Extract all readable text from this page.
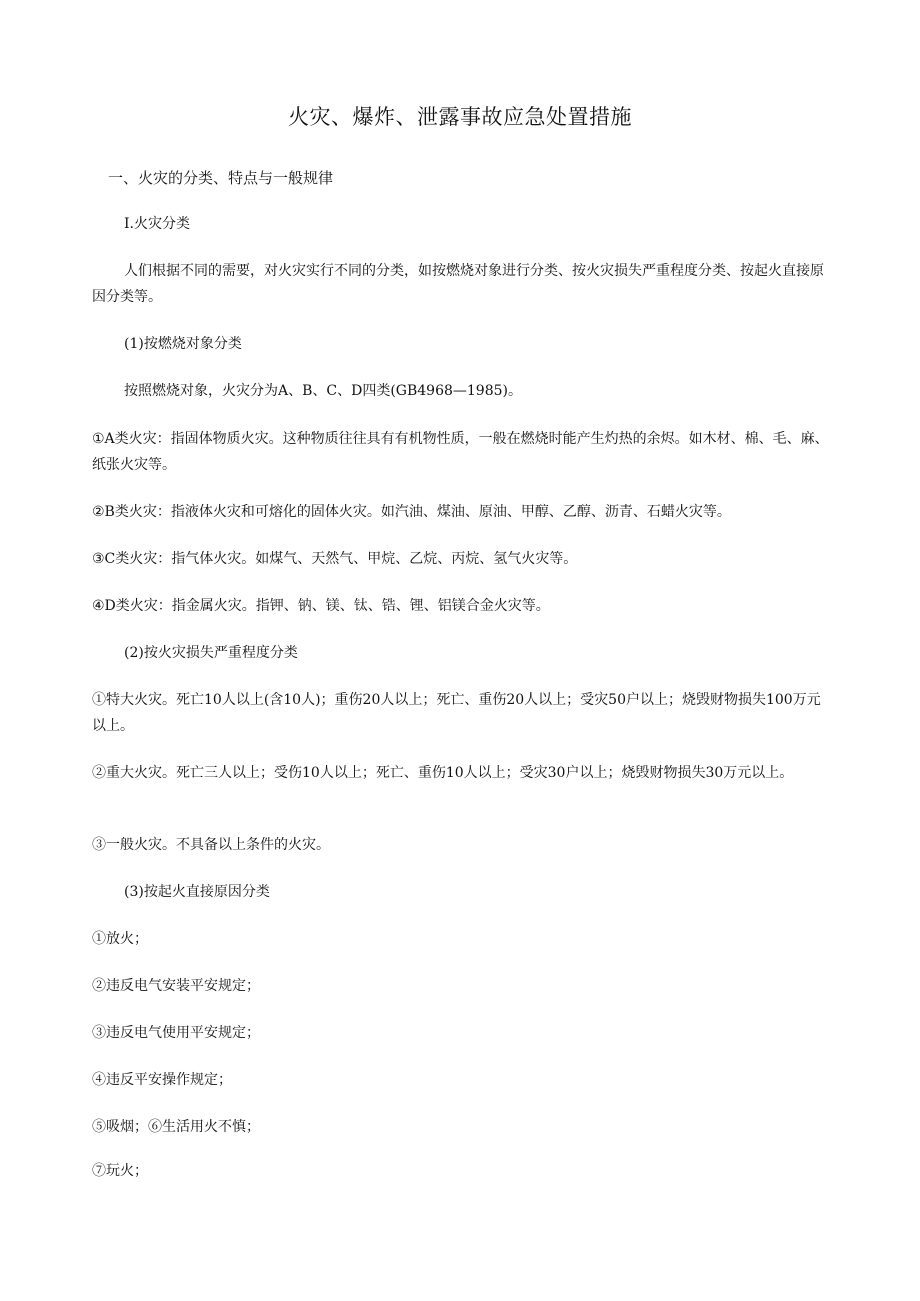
火灾、爆炸、泄露事故应急处置措施
一、火灾的分类、特点与一般规律

I.火灾分类

人们根据不同的需要，对火灾实行不同的分类，如按燃烧对象进行分类、按火灾损失严重程度分类、按起火直接原因分类等。

(1)按燃烧对象分类

按照燃烧对象，火灾分为A、B、C、D四类(GB4968—1985)。

①A类火灾：指固体物质火灾。这种物质往往具有有机物性质，一般在燃烧时能产生灼热的余烬。如木材、棉、毛、麻、纸张火灾等。

②B类火灾：指液体火灾和可熔化的固体火灾。如汽油、煤油、原油、甲醇、乙醇、沥青、石蜡火灾等。

③C类火灾：指气体火灾。如煤气、天然气、甲烷、乙烷、丙烷、氢气火灾等。

④D类火灾：指金属火灾。指钾、钠、镁、钛、锆、锂、铝镁合金火灾等。

(2)按火灾损失严重程度分类

①特大火灾。死亡10人以上(含10人)；重伤20人以上；死亡、重伤20人以上；受灾50户以上；烧毁财物损失100万元以上。

②重大火灾。死亡三人以上；受伤10人以上；死亡、重伤10人以上；受灾30户以上；烧毁财物损失30万元以上。

③一般火灾。不具备以上条件的火灾。

(3)按起火直接原因分类

①放火；

②违反电气安装平安规定；

③违反电气使用平安规定；

④违反平安操作规定；

⑤吸烟；⑥生活用火不慎；

⑦玩火；
